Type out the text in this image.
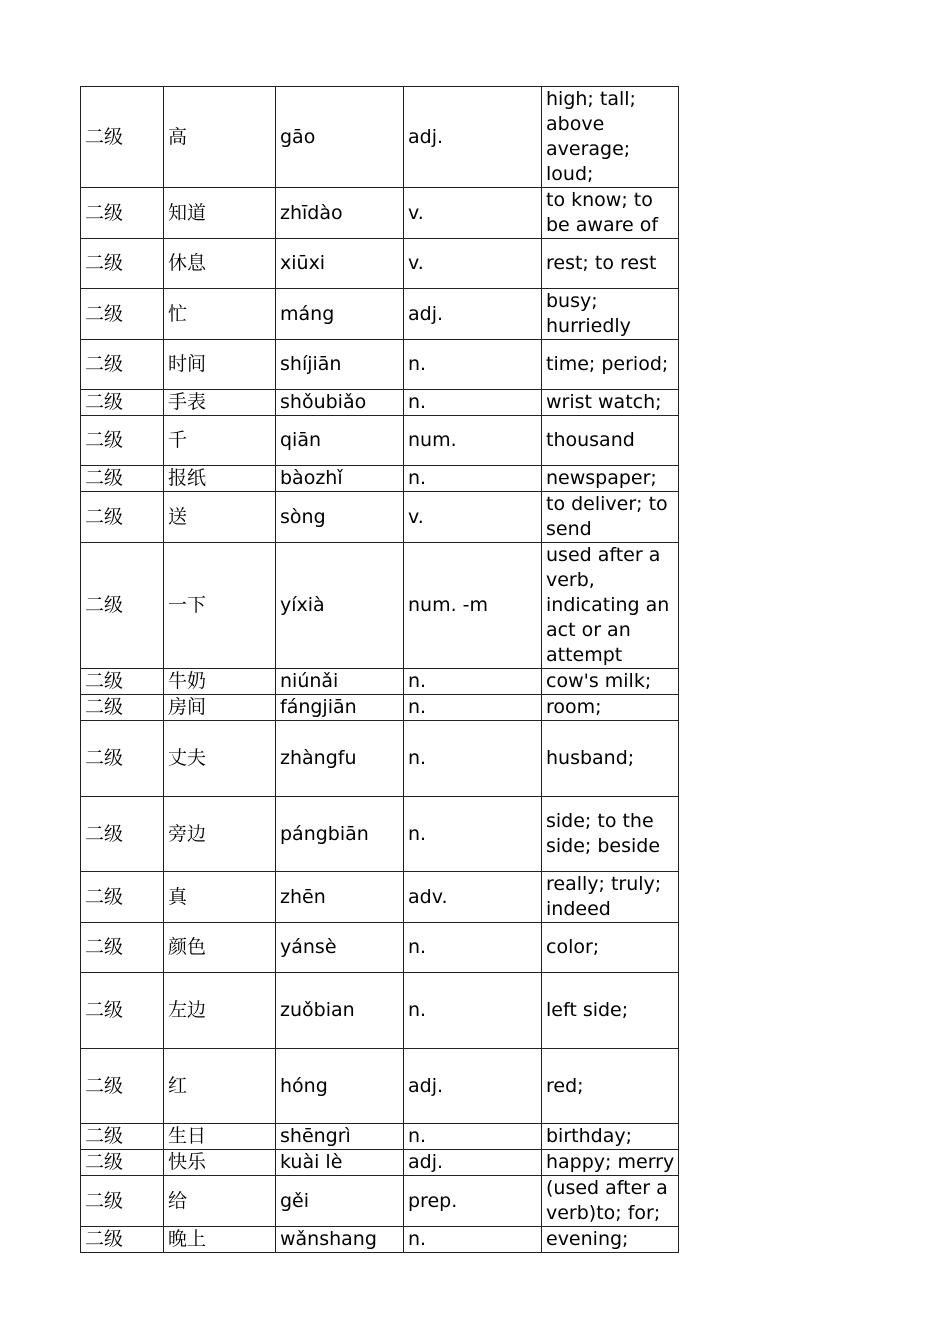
二级	高	gāo	adj.	high; tall; above average; loud;
二级	知道	zhīdào	v.	to know; to be aware of
二级	休息	xiūxi	v.	rest; to rest
二级	忙	máng	adj.	busy; hurriedly
二级	时间	shíjiān	n.	time; period;
二级	手表	shǒubiǎo	n.	wrist watch;
二级	千	qiān	num.	thousand
二级	报纸	bàozhǐ	n.	newspaper;
二级	送	sòng	v.	to deliver; to send
二级	一下	yíxià	num. -m	used after a verb, indicating an act or an attempt
二级	牛奶	niúnǎi	n.	cow's milk;
二级	房间	fángjiān	n.	room;
二级	丈夫	zhàngfu	n.	husband;
二级	旁边	pángbiān	n.	side; to the side; beside
二级	真	zhēn	adv.	really; truly; indeed
二级	颜色	yánsè	n.	color;
二级	左边	zuǒbian	n.	left side;
二级	红	hóng	adj.	red;
二级	生日	shēngrì	n.	birthday;
二级	快乐	kuài lè	adj.	happy; merry
二级	给	gěi	prep.	(used after a verb)to; for;
二级	晚上	wǎnshang	n.	evening;
